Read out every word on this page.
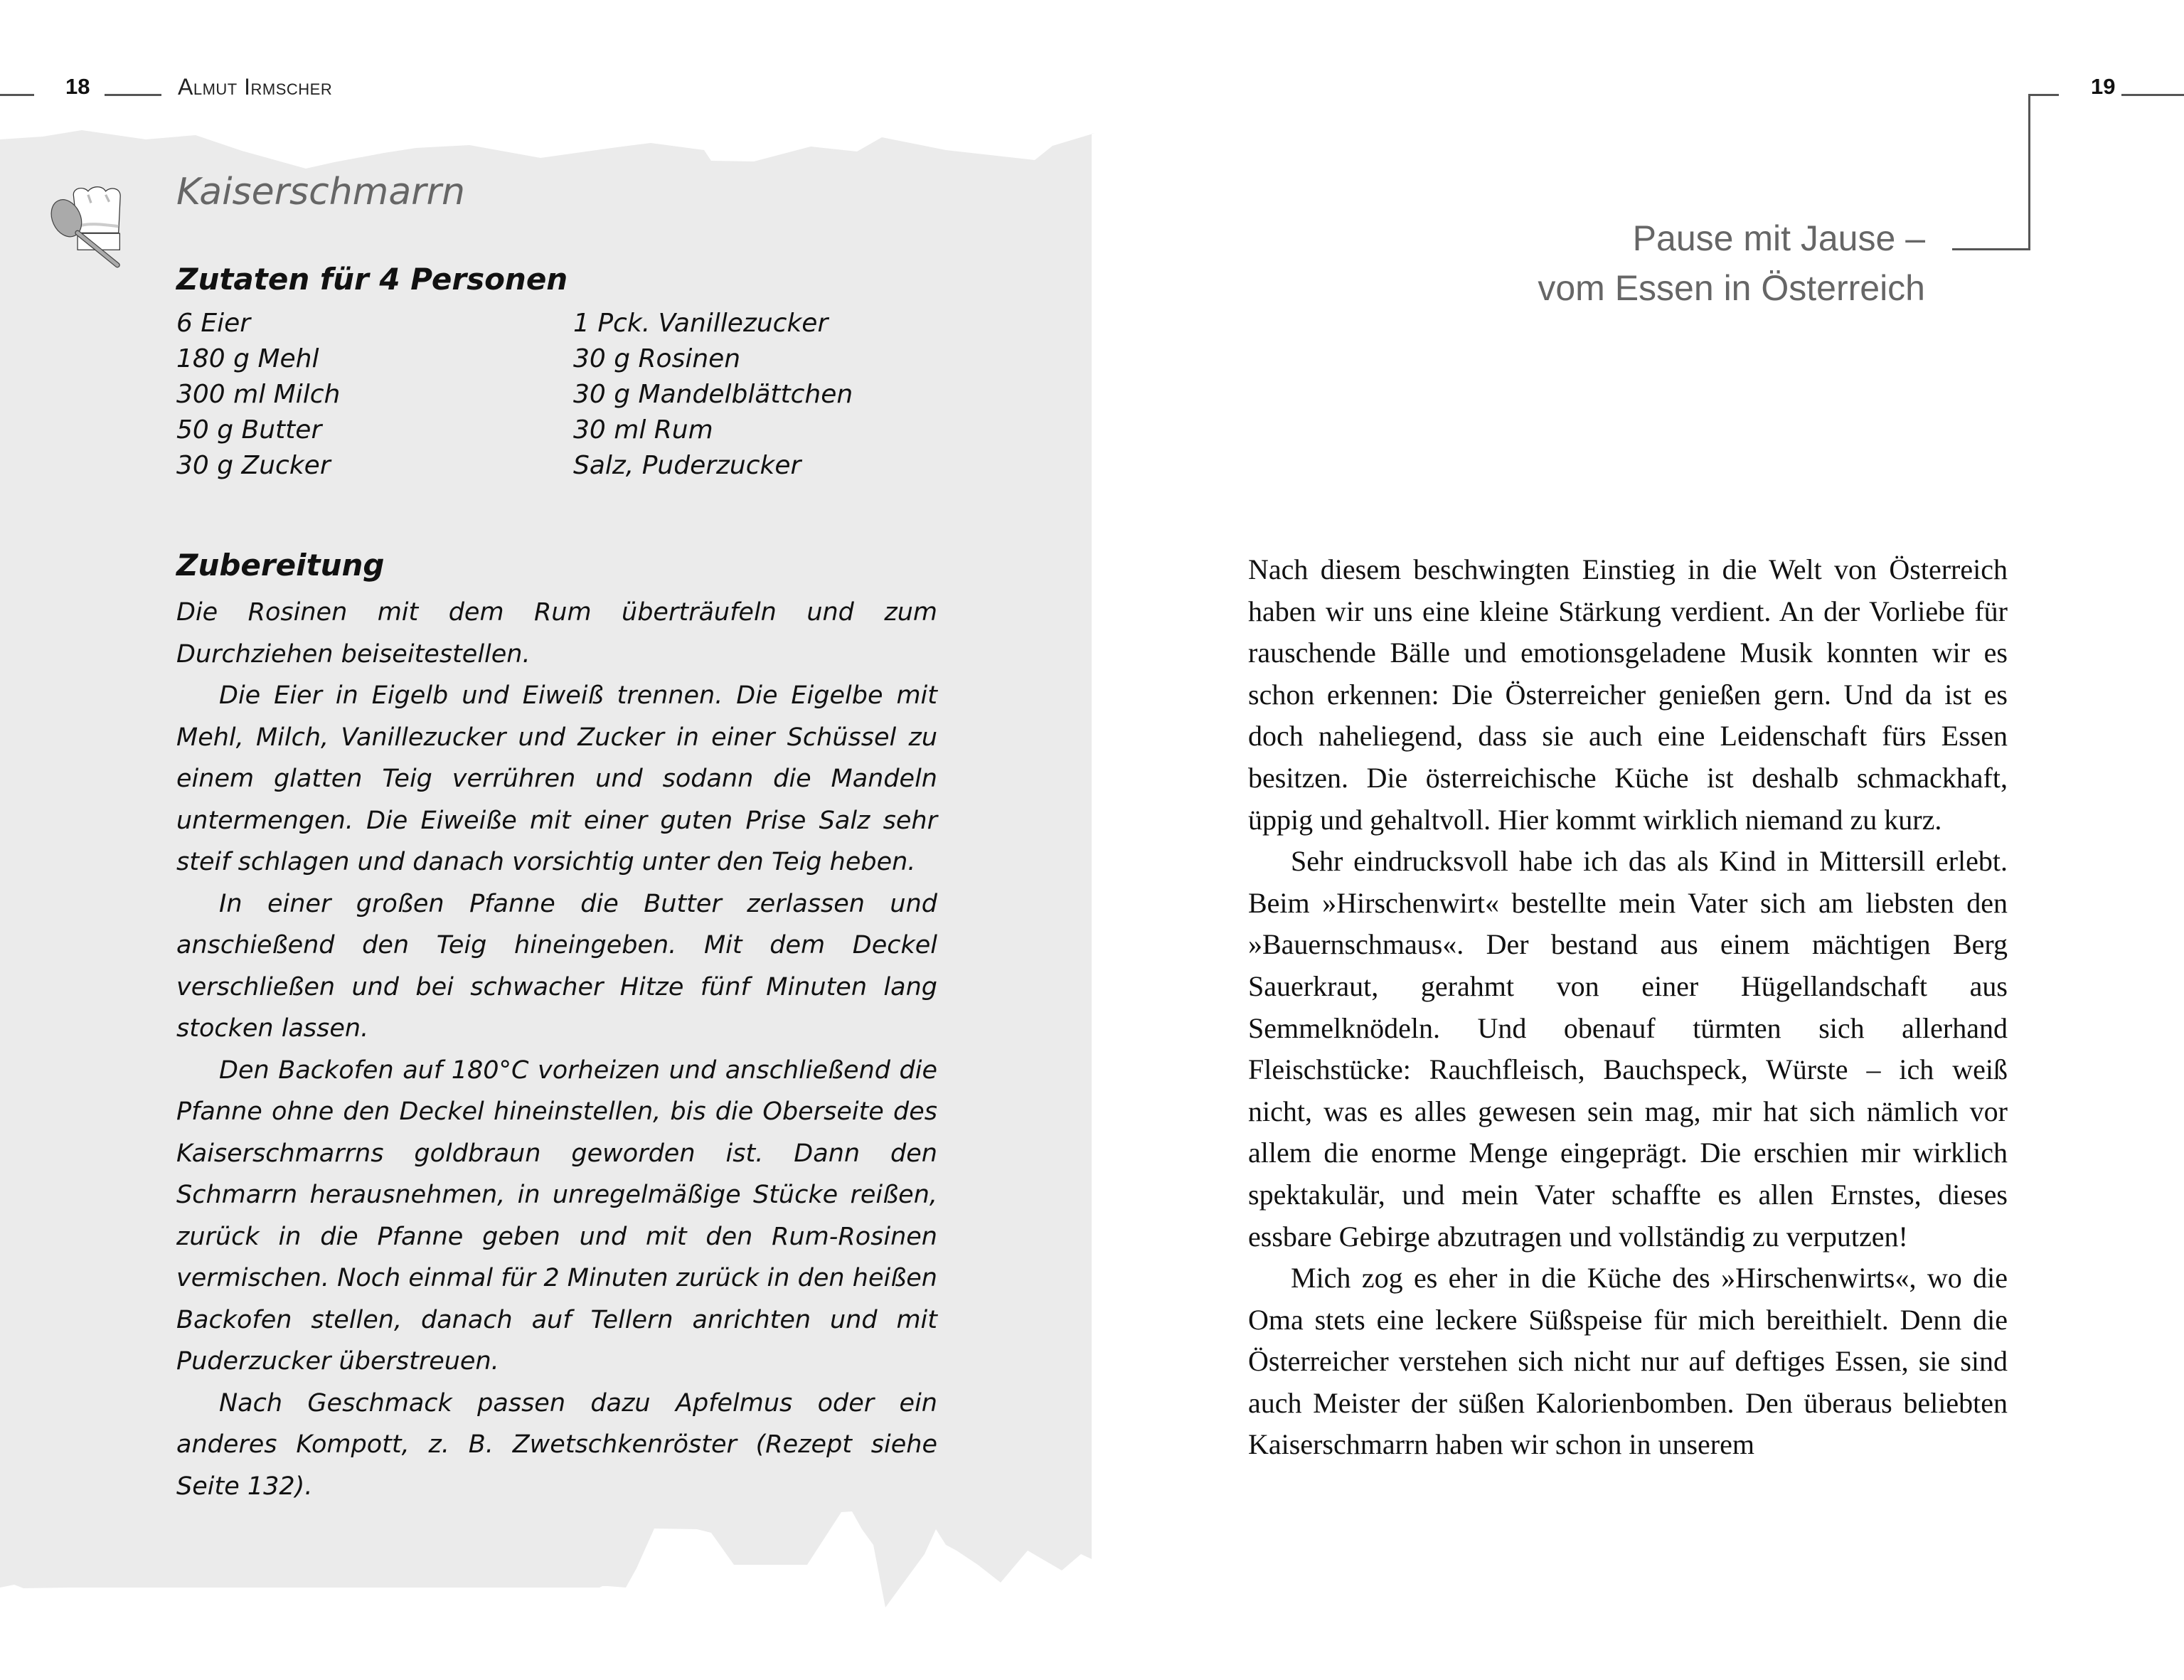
18	Almut Irmscher
Kaiserschmarrn
Zutaten für 4 Personen
6 Eier
180 g Mehl
300 ml Milch
50 g Butter
30 g Zucker
1 Pck. Vanillezucker
30 g Rosinen
30 g Mandelblättchen
30 ml Rum
Salz, Puderzucker
Zubereitung

Die Rosinen mit dem Rum überträufeln und zum Durchziehen beiseitestellen.

Die Eier in Eigelb und Eiweiß trennen. Die Eigelbe mit Mehl, Milch, Vanillezucker und Zucker in einer Schüssel zu einem glatten Teig verrühren und sodann die Mandeln untermengen. Die Eiweiße mit einer guten Prise Salz sehr steif schlagen und danach vorsichtig unter den Teig heben.

In einer großen Pfanne die Butter zerlassen und anschießend den Teig hineingeben. Mit dem Deckel verschließen und bei schwacher Hitze fünf Minuten lang stocken lassen.

Den Backofen auf 180°C vorheizen und anschließend die Pfanne ohne den Deckel hineinstellen, bis die Oberseite des Kaiserschmarrns goldbraun geworden ist. Dann den Schmarrn herausnehmen, in unregelmäßige Stücke reißen, zurück in die Pfanne geben und mit den Rum-Rosinen vermischen. Noch einmal für 2 Minuten zurück in den heißen Backofen stellen, danach auf Tellern anrichten und mit Puderzucker überstreuen.

Nach Geschmack passen dazu Apfelmus oder ein anderes Kompott, z. B. Zwetschkenröster (Rezept siehe Seite 132).

19
Pause mit Jause –
vom Essen in Österreich

Nach diesem beschwingten Einstieg in die Welt von Österreich haben wir uns eine kleine Stärkung verdient. An der Vorliebe für rauschende Bälle und emotionsgeladene Musik konnten wir es schon erkennen: Die Österreicher genießen gern. Und da ist es doch naheliegend, dass sie auch eine Leidenschaft fürs Essen besitzen. Die österreichische Küche ist deshalb schmackhaft, üppig und gehaltvoll. Hier kommt wirklich niemand zu kurz.

Sehr eindrucksvoll habe ich das als Kind in Mittersill erlebt. Beim »Hirschenwirt« bestellte mein Vater sich am liebsten den »Bauernschmaus«. Der bestand aus einem mächtigen Berg Sauerkraut, gerahmt von einer Hügellandschaft aus Semmelknödeln. Und obenauf türmten sich allerhand Fleischstücke: Rauchfleisch, Bauchspeck, Würste – ich weiß nicht, was es alles gewesen sein mag, mir hat sich nämlich vor allem die enorme Menge eingeprägt. Die erschien mir wirklich spektakulär, und mein Vater schaffte es allen Ernstes, dieses essbare Gebirge abzutragen und vollständig zu verputzen!

Mich zog es eher in die Küche des »Hirschenwirts«, wo die Oma stets eine leckere Süßspeise für mich bereithielt. Denn die Österreicher verstehen sich nicht nur auf deftiges Essen, sie sind auch Meister der süßen Kalorienbomben. Den überaus beliebten Kaiserschmarrn haben wir schon in unserem
